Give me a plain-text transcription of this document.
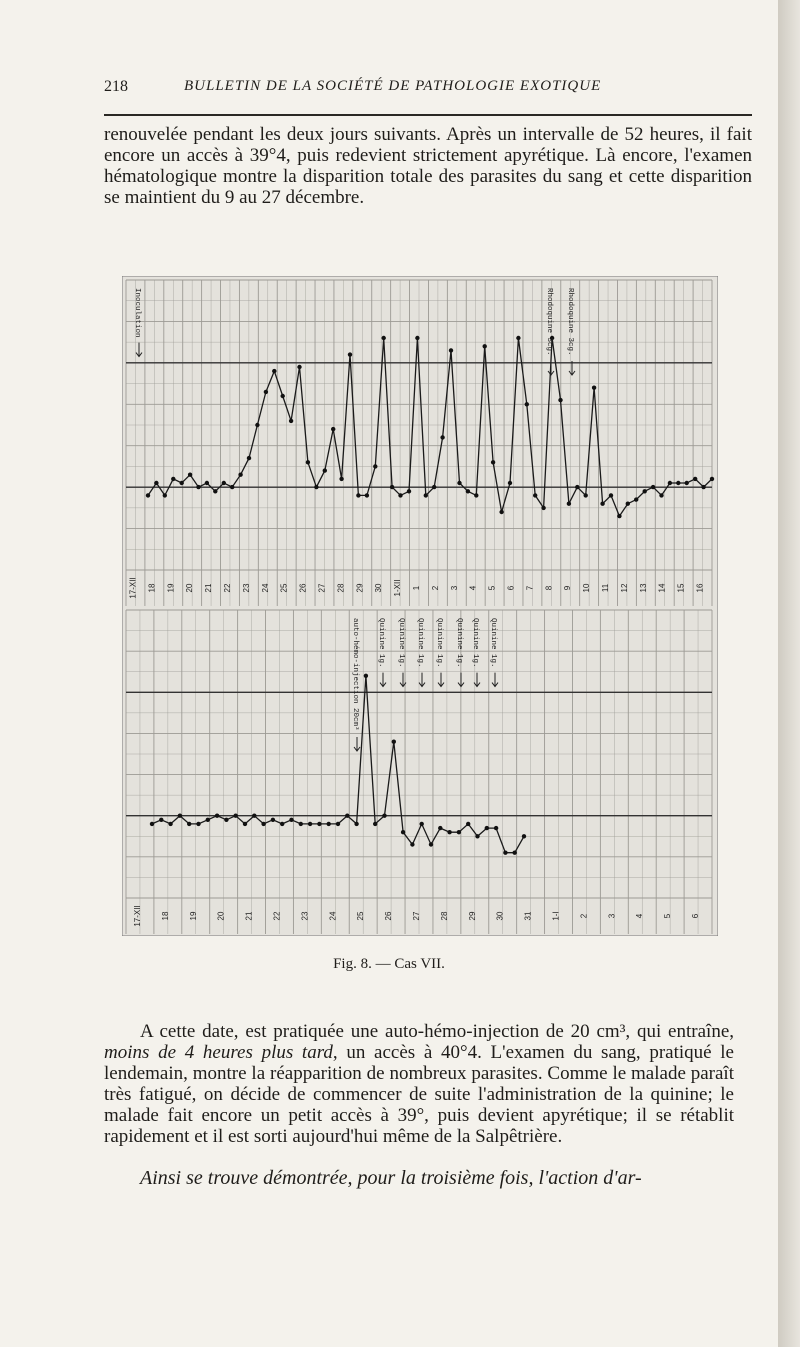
218	BULLETIN DE LA SOCIÉTÉ DE PATHOLOGIE EXOTIQUE

renouvelée pendant les deux jours suivants. Après un intervalle de 52 heures, il fait encore un accès à 39°4, puis redevient strictement apyrétique. Là encore, l'examen hématologique montre la disparition totale des parasites du sang et cette disparition se maintient du 9 au 27 décembre.

17-XII 18 19 20 21 22 23 24 25 26 27 28 29 30 1-XII 1 2 3 4 5 6 7 8 9 10 11 12 13 14 15 16
Inoculation	Rhodoquine 3cg. Rhodoquine 3cg.
17-XII 18 19 20 21 22 23 24 25 26 27 28 29 30 31 1-I 2 3 4 5 6
auto-hémo-injection 20cm³ Quinine 1g. Quinine 1g. Quinine 1g. Quinine 1g. Quinine 1g. Quinine 1g. Quinine 1g.
Fig. 8. — Cas VII.

A cette date, est pratiquée une auto-hémo-injection de 20 cm³, qui entraîne, moins de 4 heures plus tard, un accès à 40°4. L'examen du sang, pratiqué le lendemain, montre la réapparition de nombreux parasites. Comme le malade paraît très fatigué, on décide de commencer de suite l'administration de la quinine; le malade fait encore un petit accès à 39°, puis devient apyrétique; il se rétablit rapidement et il est sorti aujourd'hui même de la Salpêtrière.

Ainsi se trouve démontrée, pour la troisième fois, l'action d'ar-
